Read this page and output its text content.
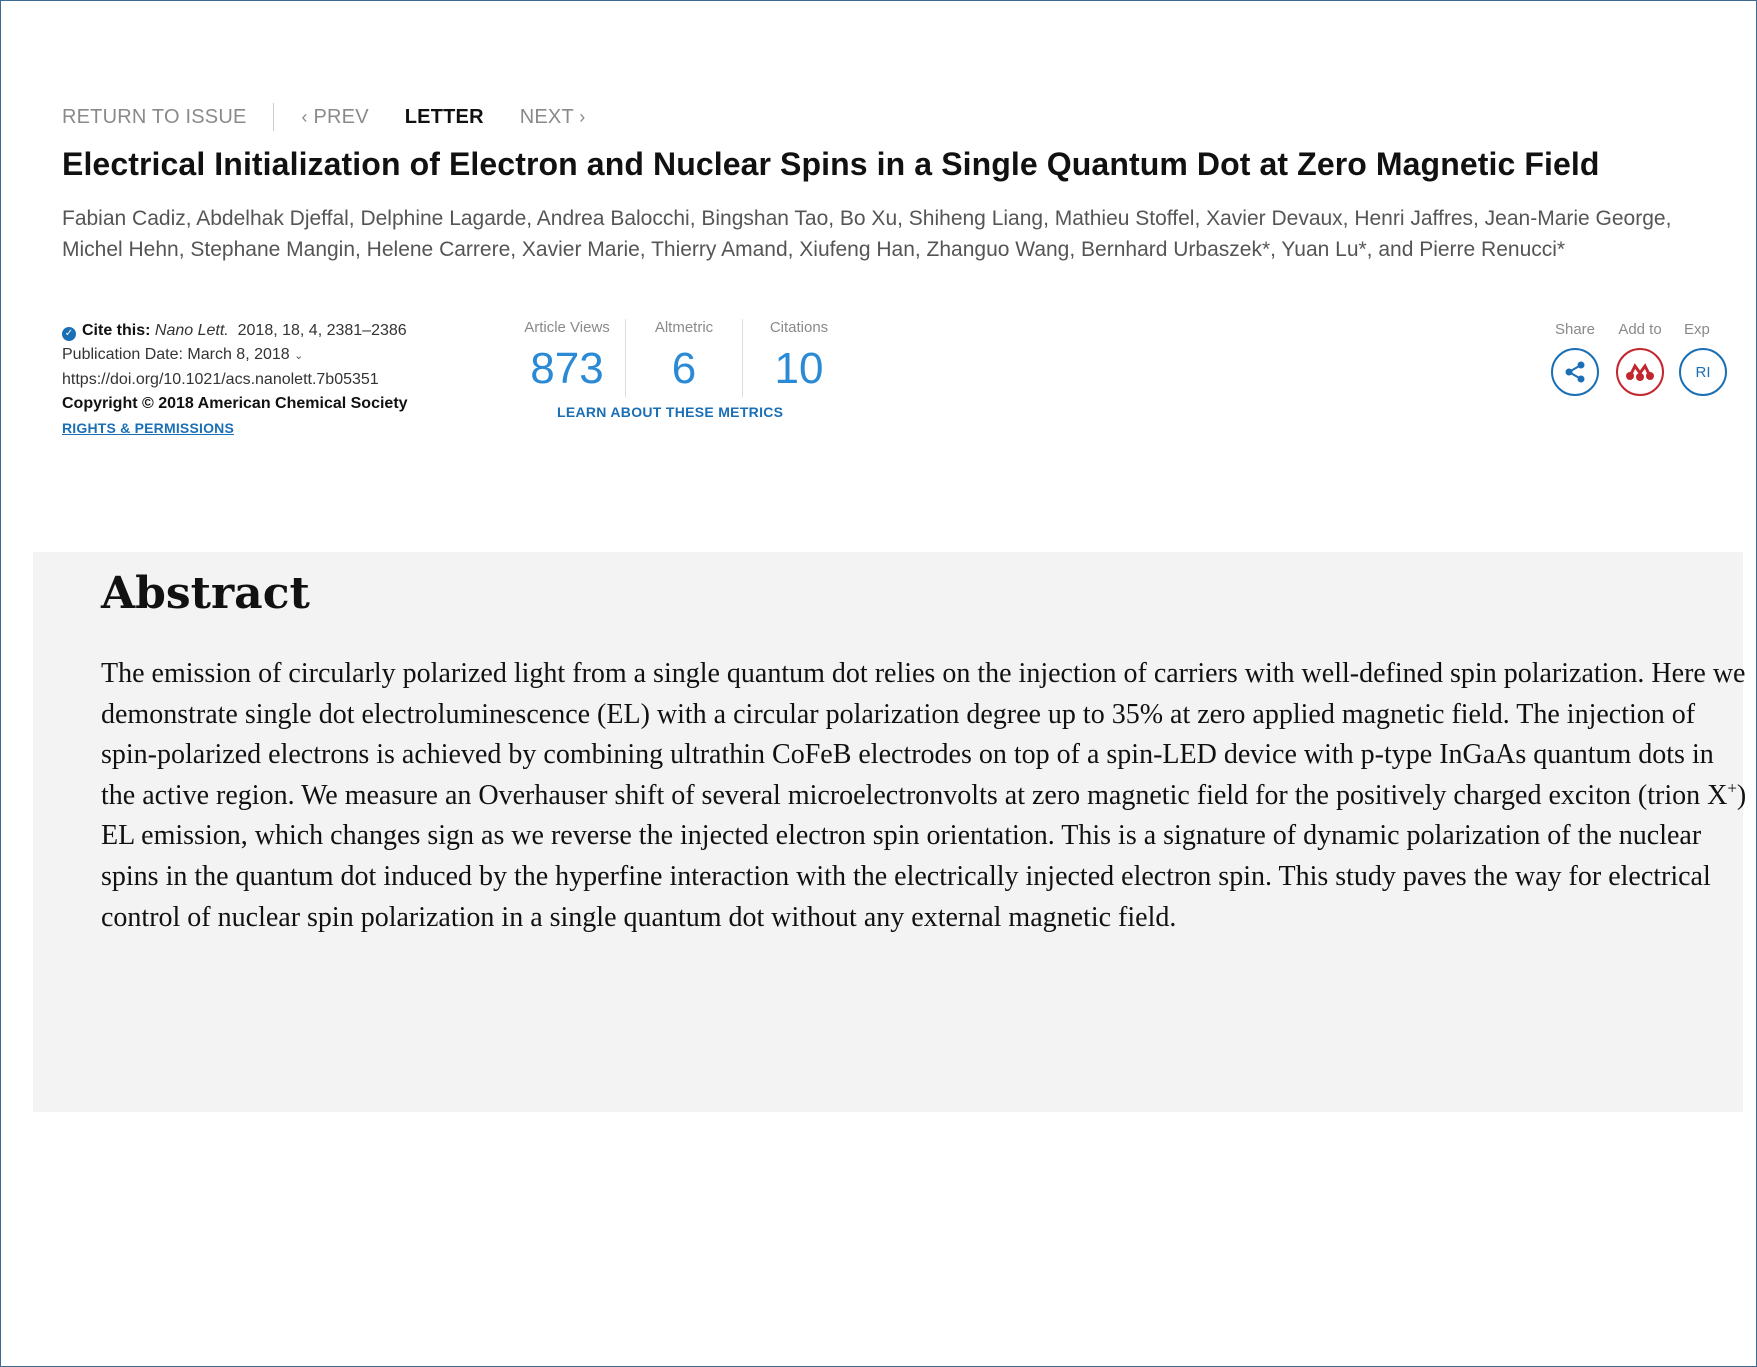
RETURN TO ISSUE	‹ PREV LETTER NEXT ›
Electrical Initialization of Electron and Nuclear Spins in a Single Quantum Dot at Zero Magnetic Field
Fabian Cadiz, Abdelhak Djeffal, Delphine Lagarde, Andrea Balocchi, Bingshan Tao, Bo Xu, Shiheng Liang, Mathieu Stoffel, Xavier Devaux, Henri Jaffres, Jean-Marie George, Michel Hehn, Stephane Mangin, Helene Carrere, Xavier Marie, Thierry Amand, Xiufeng Han, Zhanguo Wang, Bernhard Urbaszek*, Yuan Lu*, and Pierre Renucci*
✓ Cite this: Nano Lett. 2018, 18, 4, 2381–2386
Publication Date: March 8, 2018 ⌄
https://doi.org/10.1021/acs.nanolett.7b05351
Copyright © 2018 American Chemical Society
RIGHTS & PERMISSIONS
Article Views
873
Altmetric
6
Citations
10
LEARN ABOUT THESE METRICS
Share	Add to	Exp
RI
Abstract
The emission of circularly polarized light from a single quantum dot relies on the injection of carriers with well-defined spin polarization. Here we demonstrate single dot electroluminescence (EL) with a circular polarization degree up to 35% at zero applied magnetic field. The injection of spin-polarized electrons is achieved by combining ultrathin CoFeB electrodes on top of a spin-LED device with p-type InGaAs quantum dots in the active region. We measure an Overhauser shift of several microelectronvolts at zero magnetic field for the positively charged exciton (trion X+) EL emission, which changes sign as we reverse the injected electron spin orientation. This is a signature of dynamic polarization of the nuclear spins in the quantum dot induced by the hyperfine interaction with the electrically injected electron spin. This study paves the way for electrical control of nuclear spin polarization in a single quantum dot without any external magnetic field.
